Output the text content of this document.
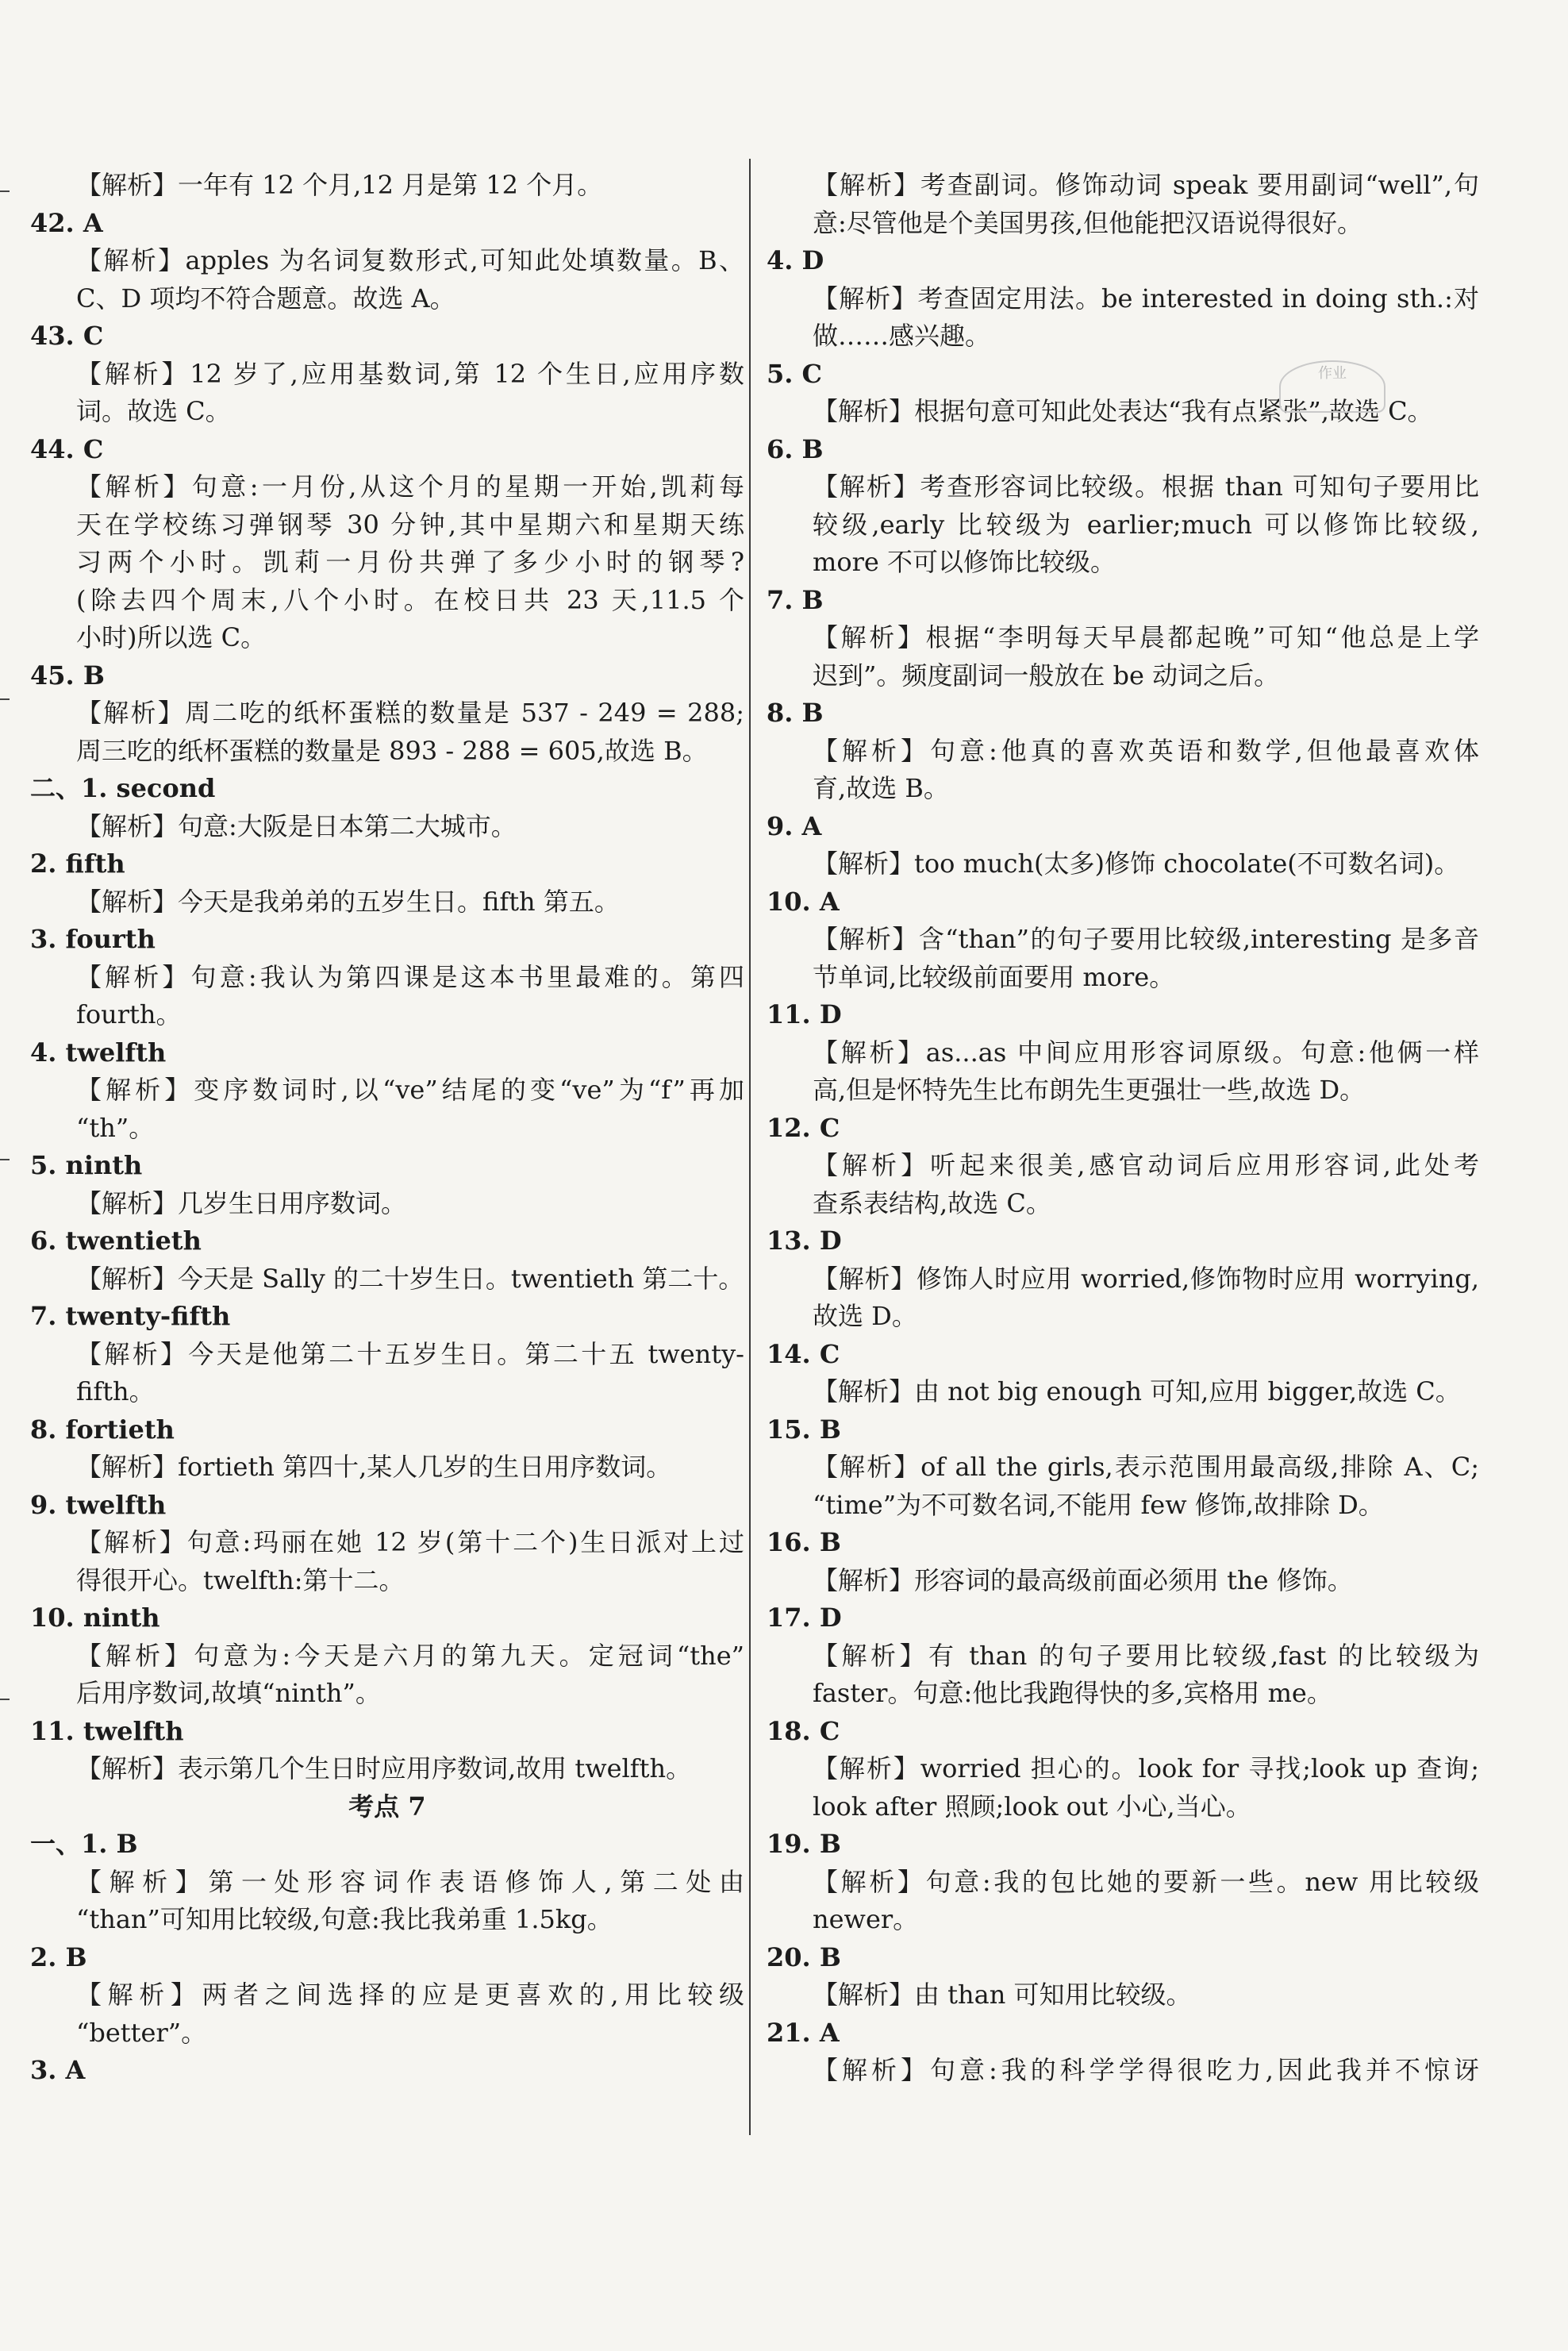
【解析】一年有 12 个月,12 月是第 12 个月。
42. A
【解析】apples 为名词复数形式,可知此处填数量。B、
C、D 项均不符合题意。故选 A。
43. C
【解析】12 岁了,应用基数词,第 12 个生日,应用序数
词。故选 C。
44. C
【解析】句意:一月份,从这个月的星期一开始,凯莉每
天在学校练习弹钢琴 30 分钟,其中星期六和星期天练
习两个小时。凯莉一月份共弹了多少小时的钢琴?
(除去四个周末,八个小时。在校日共 23 天,11.5 个
小时)所以选 C。
45. B
【解析】周二吃的纸杯蛋糕的数量是 537 - 249 = 288;
周三吃的纸杯蛋糕的数量是 893 - 288 = 605,故选 B。
二、1. second
【解析】句意:大阪是日本第二大城市。
2. fifth
【解析】今天是我弟弟的五岁生日。fifth 第五。
3. fourth
【解析】句意:我认为第四课是这本书里最难的。第四
fourth。
4. twelfth
【解析】变序数词时,以“ve”结尾的变“ve”为“f”再加
“th”。
5. ninth
【解析】几岁生日用序数词。
6. twentieth
【解析】今天是 Sally 的二十岁生日。twentieth 第二十。
7. twenty-fifth
【解析】今天是他第二十五岁生日。第二十五 twenty-
fifth。
8. fortieth
【解析】fortieth 第四十,某人几岁的生日用序数词。
9. twelfth
【解析】句意:玛丽在她 12 岁(第十二个)生日派对上过
得很开心。twelfth:第十二。
10. ninth
【解析】句意为:今天是六月的第九天。定冠词“the”
后用序数词,故填“ninth”。
11. twelfth
【解析】表示第几个生日时应用序数词,故用 twelfth。
考点 7
一、1. B
【解析】第一处形容词作表语修饰人,第二处由
“than”可知用比较级,句意:我比我弟重 1.5kg。
2. B
【解析】两者之间选择的应是更喜欢的,用比较级
“better”。
3. A
【解析】考查副词。修饰动词 speak 要用副词“well”,句
意:尽管他是个美国男孩,但他能把汉语说得很好。
4. D
【解析】考查固定用法。be interested in doing sth.:对
做……感兴趣。
5. C
【解析】根据句意可知此处表达“我有点紧张”,故选 C。
6. B
【解析】考查形容词比较级。根据 than 可知句子要用比
较级,early 比较级为 earlier;much 可以修饰比较级,
more 不可以修饰比较级。
7. B
【解析】根据“李明每天早晨都起晚”可知“他总是上学
迟到”。频度副词一般放在 be 动词之后。
8. B
【解析】句意:他真的喜欢英语和数学,但他最喜欢体
育,故选 B。
9. A
【解析】too much(太多)修饰 chocolate(不可数名词)。
10. A
【解析】含“than”的句子要用比较级,interesting 是多音
节单词,比较级前面要用 more。
11. D
【解析】as...as 中间应用形容词原级。句意:他俩一样
高,但是怀特先生比布朗先生更强壮一些,故选 D。
12. C
【解析】听起来很美,感官动词后应用形容词,此处考
查系表结构,故选 C。
13. D
【解析】修饰人时应用 worried,修饰物时应用 worrying,
故选 D。
14. C
【解析】由 not big enough 可知,应用 bigger,故选 C。
15. B
【解析】of all the girls,表示范围用最高级,排除 A、C;
“time”为不可数名词,不能用 few 修饰,故排除 D。
16. B
【解析】形容词的最高级前面必须用 the 修饰。
17. D
【解析】有 than 的句子要用比较级,fast 的比较级为
faster。句意:他比我跑得快的多,宾格用 me。
18. C
【解析】worried 担心的。look for 寻找;look up 查询;
look after 照顾;look out 小心,当心。
19. B
【解析】句意:我的包比她的要新一些。new 用比较级
newer。
20. B
【解析】由 than 可知用比较级。
21. A
【解析】句意:我的科学学得很吃力,因此我并不惊讶
作业
